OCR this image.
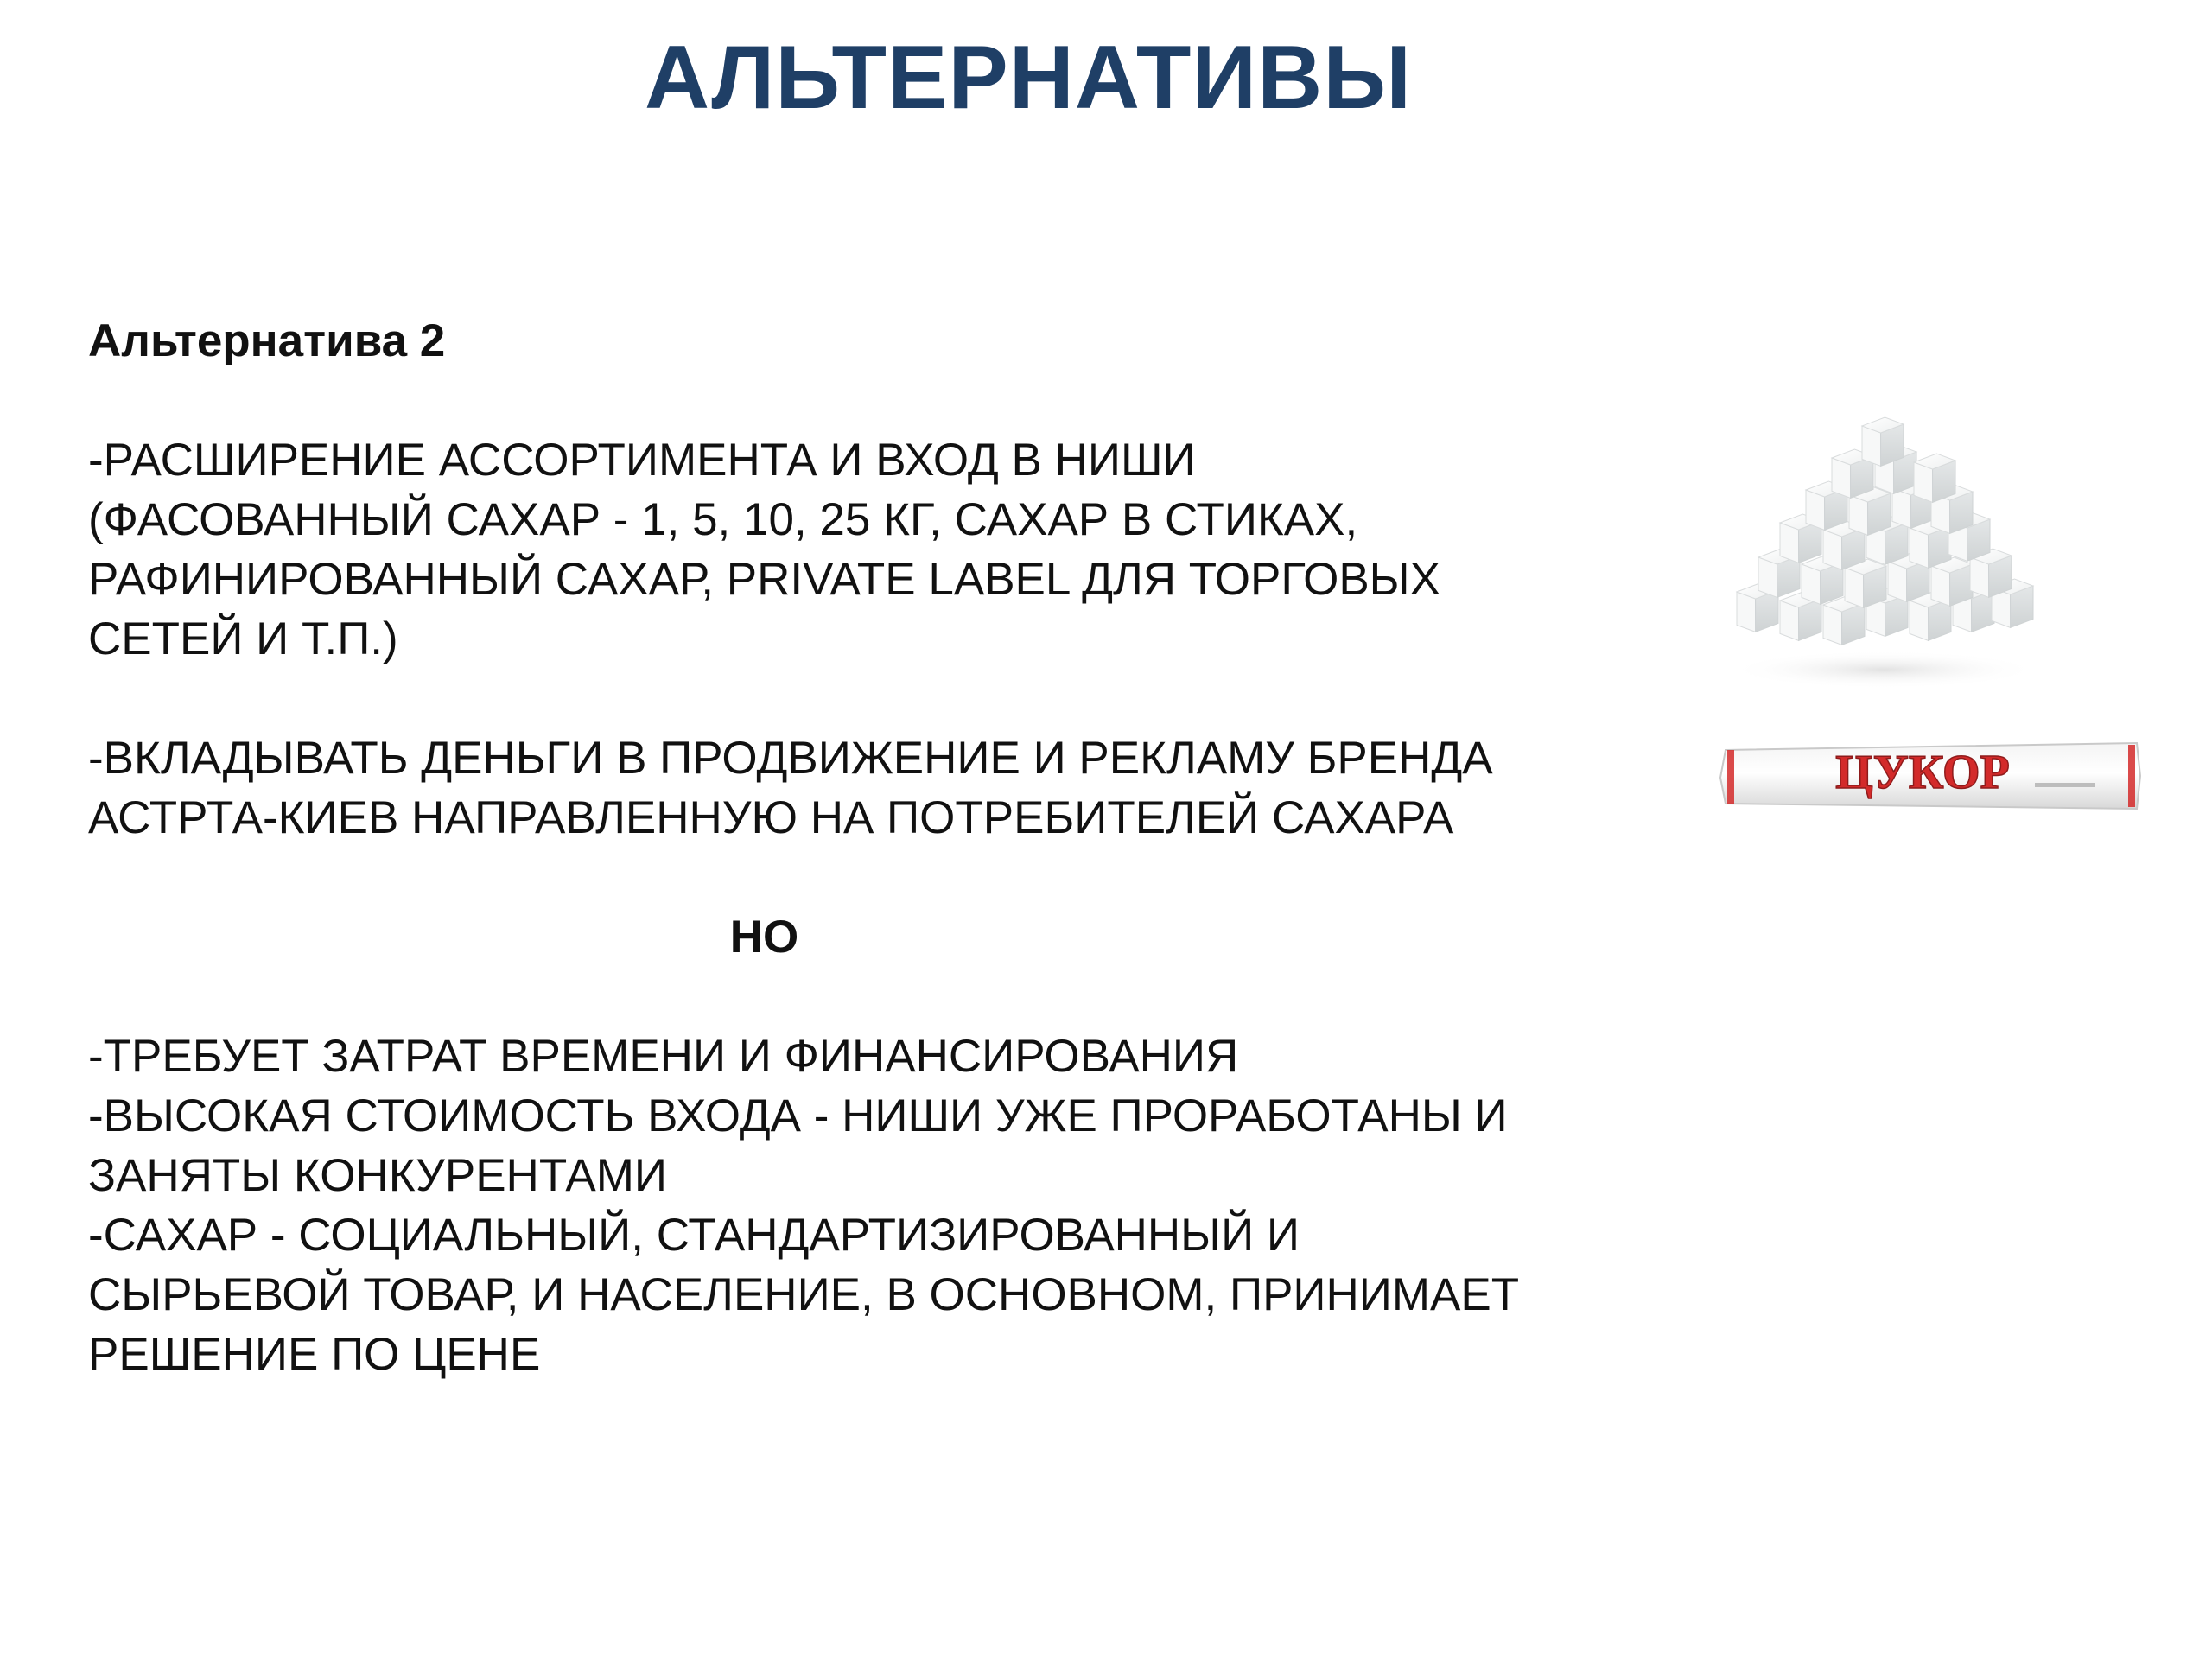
АЛЬТЕРНАТИВЫ
Альтернатива 2
-РАСШИРЕНИЕ АССОРТИМЕНТА И ВХОД В НИШИ
(ФАСОВАННЫЙ САХАР - 1, 5, 10, 25 КГ, САХАР В СТИКАХ,
РАФИНИРОВАННЫЙ САХАР, PRIVATE LABEL ДЛЯ ТОРГОВЫХ
СЕТЕЙ И Т.П.)
-ВКЛАДЫВАТЬ ДЕНЬГИ В ПРОДВИЖЕНИЕ И РЕКЛАМУ БРЕНДА
АСТРТА-КИЕВ НАПРАВЛЕННУЮ НА ПОТРЕБИТЕЛЕЙ САХАРА
НО
-ТРЕБУЕТ ЗАТРАТ ВРЕМЕНИ И ФИНАНСИРОВАНИЯ
-ВЫСОКАЯ СТОИМОСТЬ ВХОДА - НИШИ УЖЕ ПРОРАБОТАНЫ И
ЗАНЯТЫ КОНКУРЕНТАМИ
-САХАР - СОЦИАЛЬНЫЙ, СТАНДАРТИЗИРОВАННЫЙ И
СЫРЬЕВОЙ ТОВАР, И НАСЕЛЕНИЕ, В ОСНОВНОМ, ПРИНИМАЕТ
РЕШЕНИЕ ПО ЦЕНЕ
ЦУКОР
